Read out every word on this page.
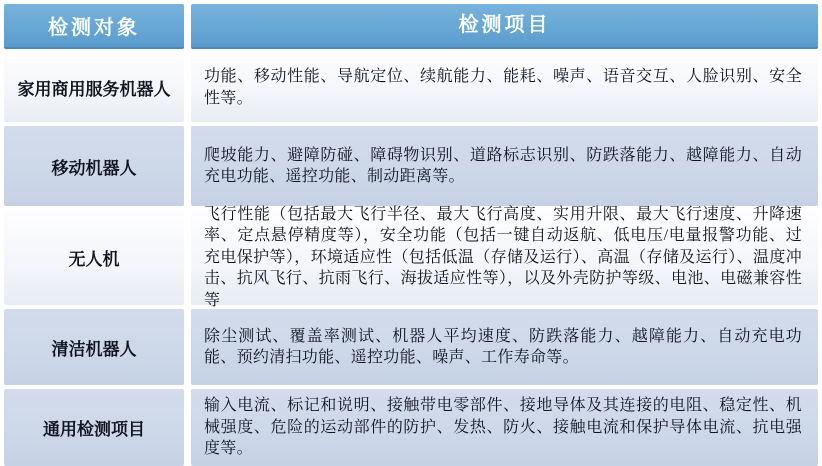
检测对象	检测项目
家用商用服务机器人
功能、移动性能、导航定位、续航能力、能耗、噪声、语音交互、人脸识别、安全性等。
移动机器人
爬坡能力、避障防碰、障碍物识别、道路标志识别、防跌落能力、越障能力、自动充电功能、遥控功能、制动距离等。
无人机
飞行性能（包括最大飞行半径、最大飞行高度、实用升限、最大飞行速度、升降速率、定点悬停精度等），安全功能（包括一键自动返航、低电压/电量报警功能、过充电保护等），环境适应性（包括低温（存储及运行）、高温（存储及运行）、温度冲击、抗风飞行、抗雨飞行、海拔适应性等），以及外壳防护等级、电池、电磁兼容性等
清洁机器人
除尘测试、覆盖率测试、机器人平均速度、防跌落能力、越障能力、自动充电功能、预约清扫功能、遥控功能、噪声、工作寿命等。
通用检测项目
输入电流、标记和说明、接触带电零部件、接地导体及其连接的电阻、稳定性、机械强度、危险的运动部件的防护、发热、防火、接触电流和保护导体电流、抗电强度等。
